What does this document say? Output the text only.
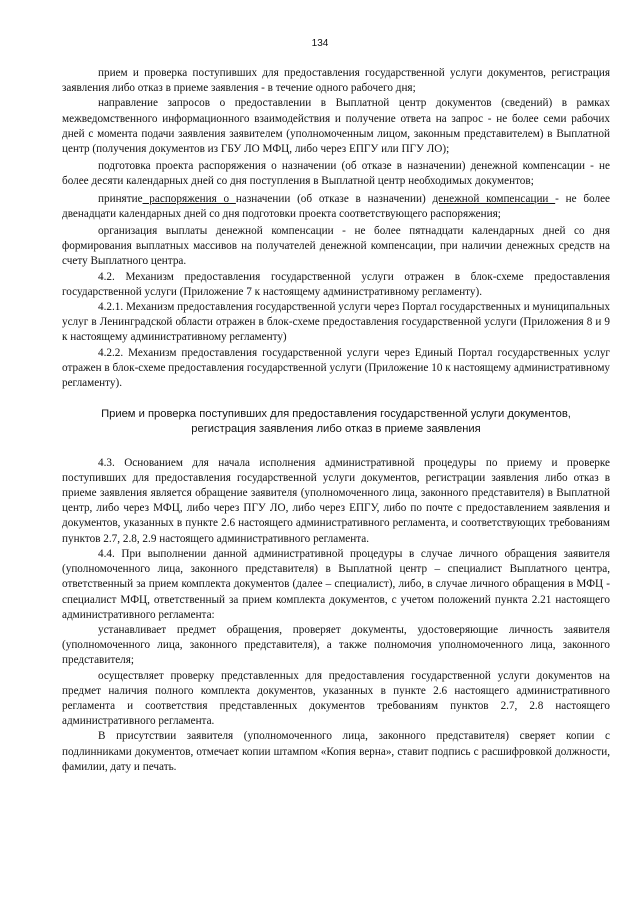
134

прием и проверка поступивших для предоставления государственной услуги документов, регистрация заявления либо отказ в приеме заявления - в течение одного рабочего дня;

направление запросов о предоставлении в Выплатной центр документов (сведений) в рамках межведомственного информационного взаимодействия и получение ответа на запрос - не более семи рабочих дней с момента подачи заявления заявителем (уполномоченным лицом, законным представителем) в Выплатной центр (получения документов из ГБУ ЛО МФЦ, либо через ЕПГУ или ПГУ ЛО);

подготовка проекта распоряжения о назначении (об отказе в назначении) денежной компенсации - не более десяти календарных дней со дня поступления в Выплатной центр необходимых документов;

принятие распоряжения о назначении (об отказе в назначении) денежной компенсации - не более двенадцати календарных дней со дня подготовки проекта соответствующего распоряжения;

организация выплаты денежной компенсации - не более пятнадцати календарных дней со дня формирования выплатных массивов на получателей денежной компенсации, при наличии денежных средств на счету Выплатного центра.

4.2. Механизм предоставления государственной услуги отражен в блок-схеме предоставления государственной услуги (Приложение 7 к настоящему административному регламенту).

4.2.1. Механизм предоставления государственной услуги через Портал государственных и муниципальных услуг в Ленинградской области отражен в блок-схеме предоставления государственной услуги (Приложения 8 и 9 к настоящему административному регламенту)

4.2.2. Механизм предоставления государственной услуги через Единый Портал государственных услуг отражен в блок-схеме предоставления государственной услуги (Приложение 10 к настоящему административному регламенту).

Прием и проверка поступивших для предоставления государственной услуги документов,
регистрация заявления либо отказ в приеме заявления

4.3. Основанием для начала исполнения административной процедуры по приему и проверке поступивших для предоставления государственной услуги документов, регистрации заявления либо отказ в приеме заявления является обращение заявителя (уполномоченного лица, законного представителя) в Выплатной центр, либо через МФЦ, либо через ПГУ ЛО, либо через ЕПГУ, либо по почте с предоставлением заявления и документов, указанных в пункте 2.6 настоящего административного регламента, и соответствующих требованиям пунктов 2.7, 2.8, 2.9 настоящего административного регламента.

4.4. При выполнении данной административной процедуры в случае личного обращения заявителя (уполномоченного лица, законного представителя) в Выплатной центр – специалист Выплатного центра, ответственный за прием комплекта документов (далее – специалист), либо, в случае личного обращения в МФЦ - специалист МФЦ, ответственный за прием комплекта документов, с учетом положений пункта 2.21 настоящего административного регламента:

устанавливает предмет обращения, проверяет документы, удостоверяющие личность заявителя (уполномоченного лица, законного представителя), а также полномочия уполномоченного лица, законного представителя;

осуществляет проверку представленных для предоставления государственной услуги документов на предмет наличия полного комплекта документов, указанных в пункте 2.6 настоящего административного регламента и соответствия представленных документов требованиям пунктов 2.7, 2.8 настоящего административного регламента.

В присутствии заявителя (уполномоченного лица, законного представителя) сверяет копии с подлинниками документов, отмечает копии штампом «Копия верна», ставит подпись с расшифровкой должности, фамилии, дату и печать.
